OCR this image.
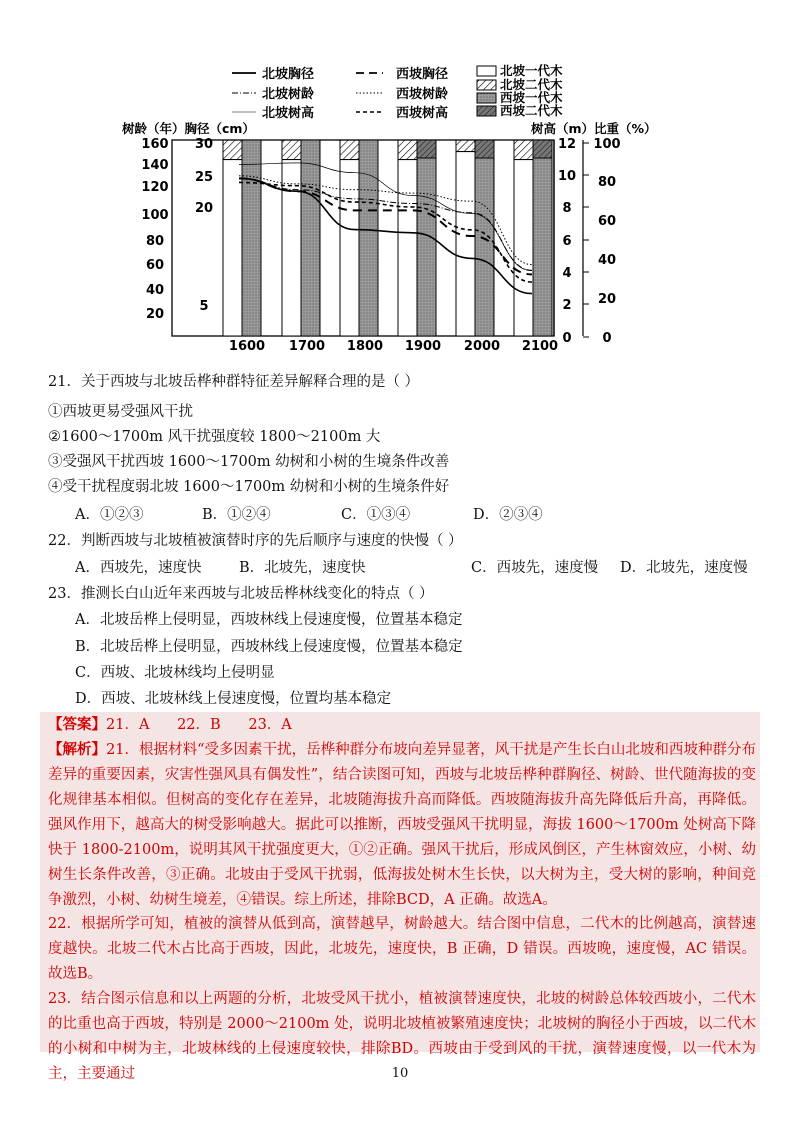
北坡胸径
北坡树龄
北坡树高
西坡胸径
西坡树龄
西坡树高
北坡一代木
北坡二代木
西坡一代木
西坡二代木
树龄（年）胸径（cm）	树高（m）比重（%）
160
140
120
100
80
60
40
20
30
25
20
5
12
10
8
6
4
2
0
100
80
60
40
20
0
1600 1700 1800 1900 2000 2100
21．关于西坡与北坡岳桦种群特征差异解释合理的是（ ）
①西坡更易受强风干扰
②1600～1700m 风干扰强度较 1800～2100m 大
③受强风干扰西坡 1600～1700m 幼树和小树的生境条件改善
④受干扰程度弱北坡 1600～1700m 幼树和小树的生境条件好
A．①②③	B．①②④	C．①③④	D．②③④
22．判断西坡与北坡植被演替时序的先后顺序与速度的快慢（ ）
A．西坡先，速度快	B．北坡先，速度快	C．西坡先，速度慢 D．北坡先，速度慢
23．推测长白山近年来西坡与北坡岳桦林线变化的特点（ ）
A．北坡岳桦上侵明显，西坡林线上侵速度慢，位置基本稳定
B．北坡岳桦上侵明显，西坡林线上侵速度慢，位置基本稳定
C．西坡、北坡林线均上侵明显
D．西坡、北坡林线上侵速度慢，位置均基本稳定
【答案】21．A      22．B      23．A
【解析】21．根据材料“受多因素干扰，岳桦种群分布坡向差异显著，风干扰是产生长白山北坡和西坡种群分布差异的重要因素，灾害性强风具有偶发性”，结合读图可知，西坡与北坡岳桦种群胸径、树龄、世代随海拔的变化规律基本相似。但树高的变化存在差异，北坡随海拔升高而降低。西坡随海拔升高先降低后升高，再降低。强风作用下，越高大的树受影响越大。据此可以推断，西坡受强风干扰明显，海拔 1600～1700m 处树高下降快于 1800-2100m，说明其风干扰强度更大，①②正确。强风干扰后，形成风倒区，产生林窗效应，小树、幼树生长条件改善，③正确。北坡由于受风干扰弱，低海拔处树木生长快，以大树为主，受大树的影响，种间竞争激烈，小树、幼树生境差，④错误。综上所述，排除BCD，A 正确。故选A。
22．根据所学可知，植被的演替从低到高，演替越早，树龄越大。结合图中信息，二代木的比例越高，演替速度越快。北坡二代木占比高于西坡，因此，北坡先，速度快，B 正确，D 错误。西坡晚，速度慢，AC 错误。故选B。
23．结合图示信息和以上两题的分析，北坡受风干扰小，植被演替速度快，北坡的树龄总体较西坡小，二代木的比重也高于西坡，特别是 2000～2100m 处，说明北坡植被繁殖速度快；北坡树的胸径小于西坡，以二代木的小树和中树为主，北坡林线的上侵速度较快，排除BD。西坡由于受到风的干扰，演替速度慢，以一代木为主，主要通过	10
